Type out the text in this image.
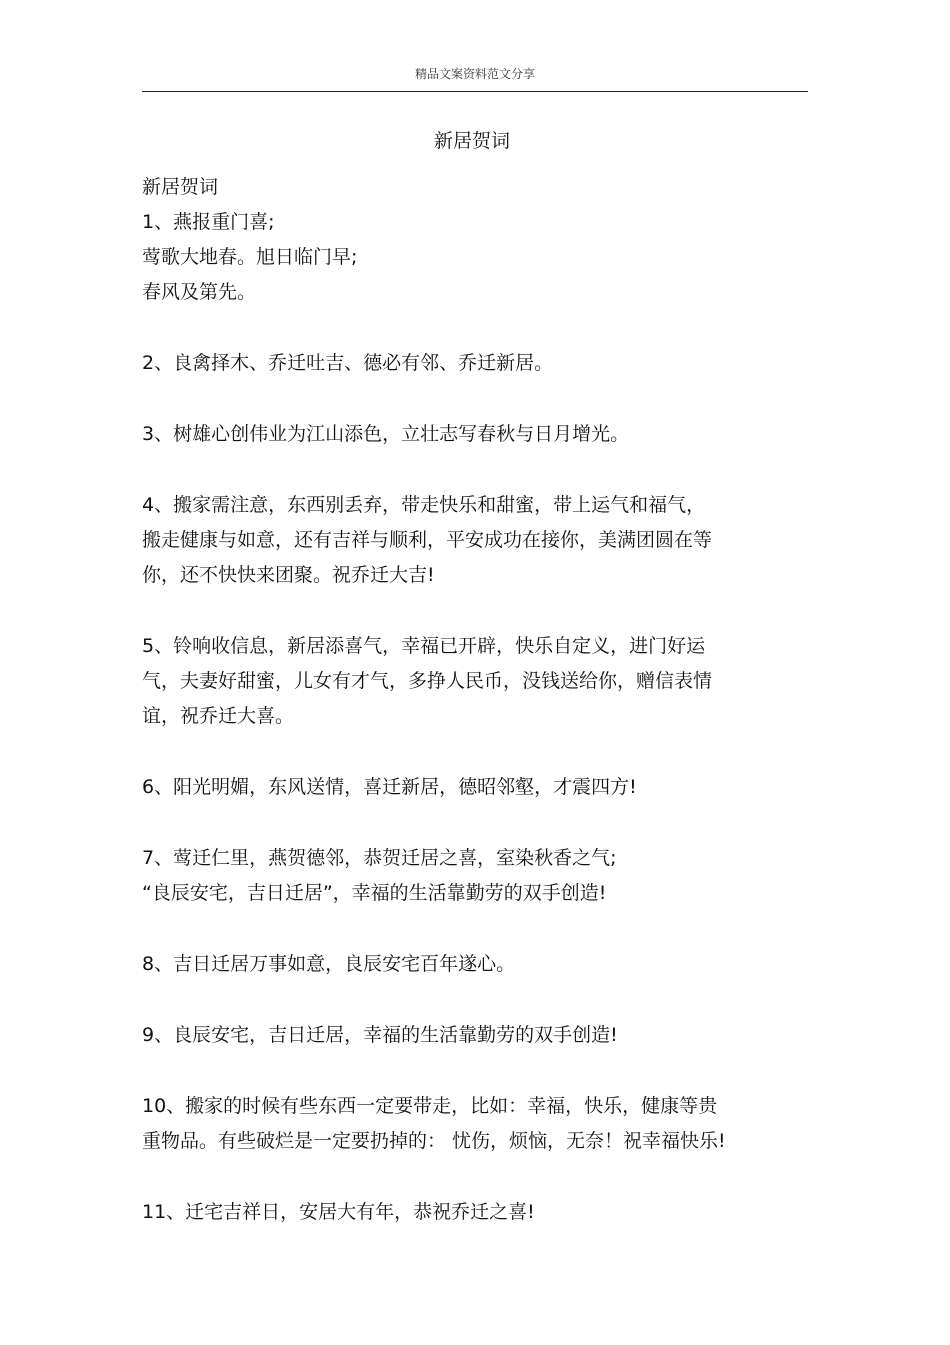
精品文案资料范文分享
新居贺词
新居贺词
1、燕报重门喜;
莺歌大地春。旭日临门早;
春风及第先。
2、良禽择木、乔迁吐吉、德必有邻、乔迁新居。
3、树雄心创伟业为江山添色，立壮志写春秋与日月增光。
4、搬家需注意，东西别丢弃，带走快乐和甜蜜，带上运气和福气，
搬走健康与如意，还有吉祥与顺利，平安成功在接你，美满团圆在等
你，还不快快来团聚。祝乔迁大吉!
5、铃响收信息，新居添喜气，幸福已开辟，快乐自定义，进门好运
气，夫妻好甜蜜，儿女有才气，多挣人民币，没钱送给你，赠信表情
谊，祝乔迁大喜。
6、阳光明媚，东风送情，喜迁新居，德昭邻壑，才震四方!
7、莺迁仁里，燕贺德邻，恭贺迁居之喜，室染秋香之气;
“良辰安宅，吉日迁居”，幸福的生活靠勤劳的双手创造!
8、吉日迁居万事如意，良辰安宅百年遂心。
9、良辰安宅，吉日迁居，幸福的生活靠勤劳的双手创造!
10、搬家的时候有些东西一定要带走，比如：幸福，快乐，健康等贵
重物品。有些破烂是一定要扔掉的： 忧伤，烦恼，无奈！祝幸福快乐!
11、迁宅吉祥日，安居大有年，恭祝乔迁之喜!
